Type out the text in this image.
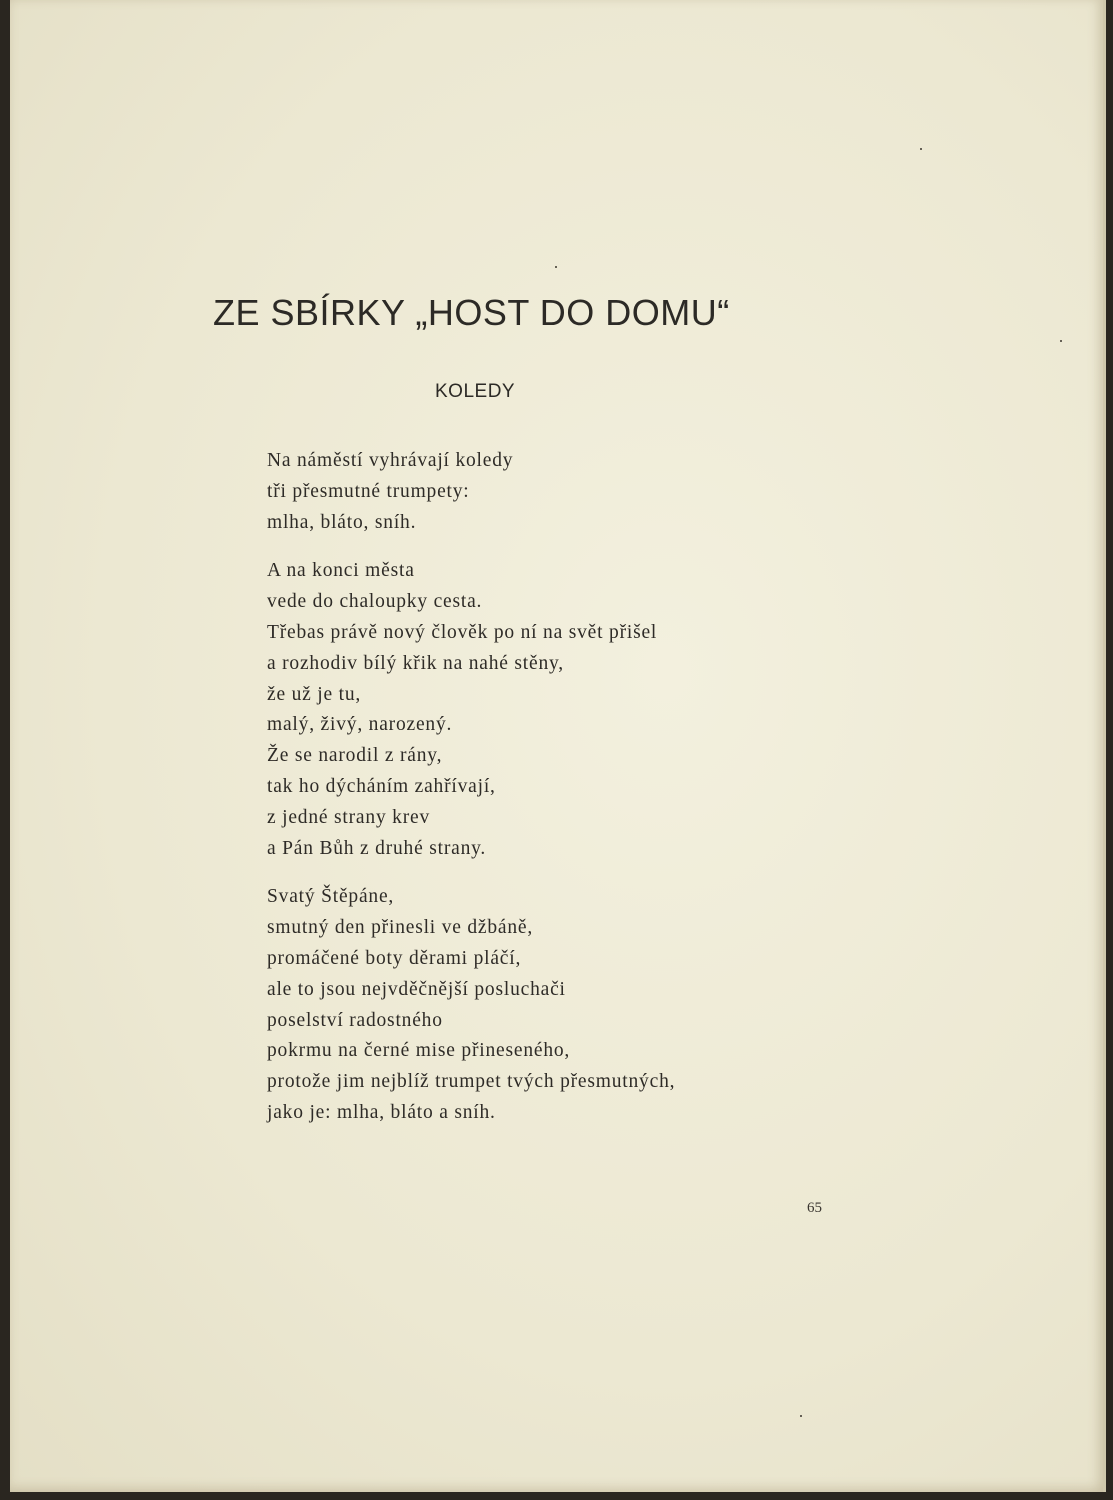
ZE SBÍRKY „HOST DO DOMU“
KOLEDY
Na náměstí vyhrávají koledy
tři přesmutné trumpety:
mlha, bláto, sníh.
A na konci města
vede do chaloupky cesta.
Třebas právě nový člověk po ní na svět přišel
a rozhodiv bílý křik na nahé stěny,
že už je tu,
malý, živý, narozený.
Že se narodil z rány,
tak ho dýcháním zahřívají,
z jedné strany krev
a Pán Bůh z druhé strany.
Svatý Štěpáne,
smutný den přinesli ve džbáně,
promáčené boty děrami pláčí,
ale to jsou nejvděčnější posluchači
poselství radostného
pokrmu na černé mise přineseného,
protože jim nejblíž trumpet tvých přesmutných,
jako je: mlha, bláto a sníh.
65
